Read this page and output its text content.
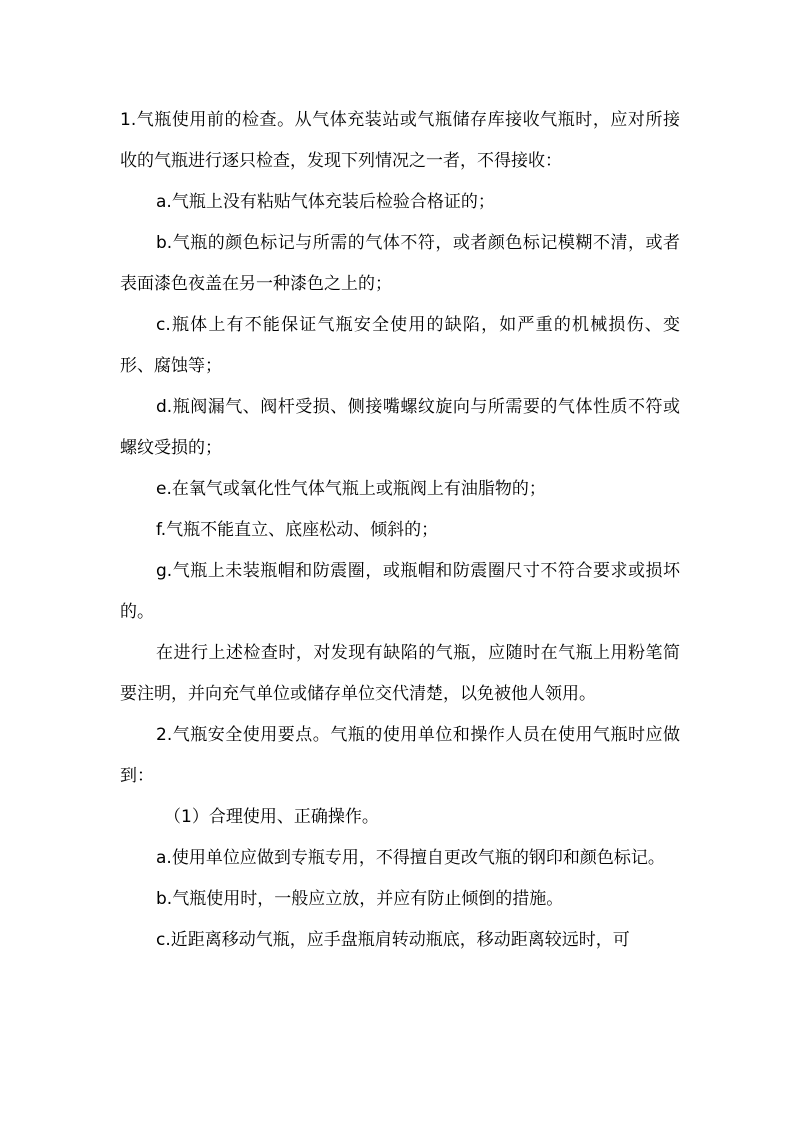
1.气瓶使用前的检查。从气体充装站或气瓶储存库接收气瓶时，应对所接收的气瓶进行逐只检查，发现下列情况之一者，不得接收：

a.气瓶上没有粘贴气体充装后检验合格证的；

b.气瓶的颜色标记与所需的气体不符，或者颜色标记模糊不清，或者表面漆色夜盖在另一种漆色之上的；

c.瓶体上有不能保证气瓶安全使用的缺陷，如严重的机械损伤、变形、腐蚀等；

d.瓶阀漏气、阀杆受损、侧接嘴螺纹旋向与所需要的气体性质不符或螺纹受损的；

e.在氧气或氧化性气体气瓶上或瓶阀上有油脂物的；

f.气瓶不能直立、底座松动、倾斜的；

g.气瓶上未装瓶帽和防震圈，或瓶帽和防震圈尺寸不符合要求或损坏的。

在进行上述检查时，对发现有缺陷的气瓶，应随时在气瓶上用粉笔简要注明，并向充气单位或储存单位交代清楚，以免被他人领用。

2.气瓶安全使用要点。气瓶的使用单位和操作人员在使用气瓶时应做到：

（1）合理使用、正确操作。

a.使用单位应做到专瓶专用，不得擅自更改气瓶的钢印和颜色标记。

b.气瓶使用时，一般应立放，并应有防止倾倒的措施。

c.近距离移动气瓶，应手盘瓶肩转动瓶底，移动距离较远时，可
